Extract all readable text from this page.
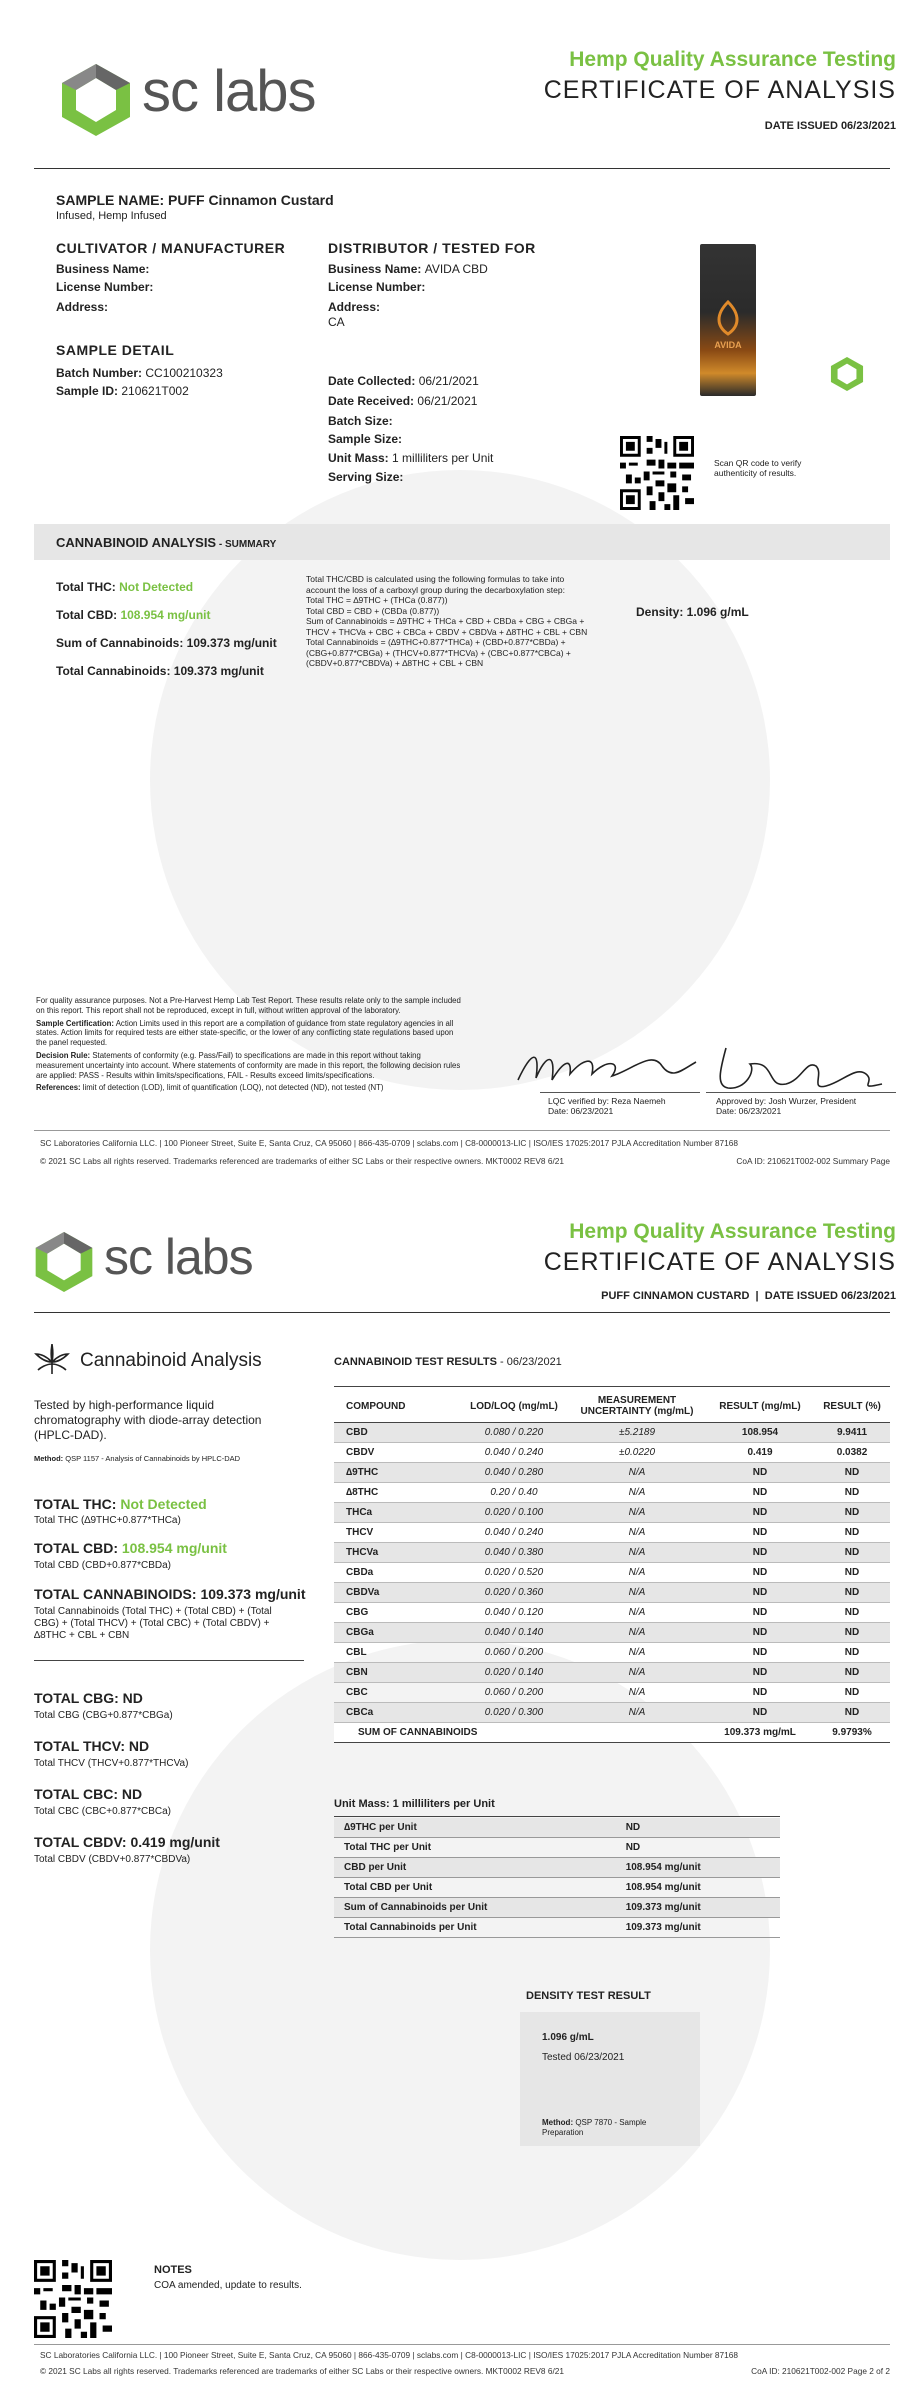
sc labs	Hemp Quality Assurance Testing
CERTIFICATE OF ANALYSIS
DATE ISSUED 06/23/2021
SAMPLE NAME: PUFF Cinnamon Custard
Infused, Hemp Infused
CULTIVATOR / MANUFACTURER
Business Name:
License Number:
Address:
DISTRIBUTOR / TESTED FOR
Business Name: AVIDA CBD
License Number:
Address:
CA
SAMPLE DETAIL
Batch Number: CC100210323
Sample ID: 210621T002
Date Collected: 06/21/2021
Date Received: 06/21/2021
Batch Size:
Sample Size:
Unit Mass: 1 milliliters per Unit
Serving Size:
AVIDA
Scan QR code to verify authenticity of results.
CANNABINOID ANALYSIS - SUMMARY
Total THC: Not Detected
Total CBD: 108.954 mg/unit
Sum of Cannabinoids: 109.373 mg/unit
Total Cannabinoids: 109.373 mg/unit
Total THC/CBD is calculated using the following formulas to take into
account the loss of a carboxyl group during the decarboxylation step:
Total THC = ∆9THC + (THCa (0.877))
Total CBD = CBD + (CBDa (0.877))
Sum of Cannabinoids = ∆9THC + THCa + CBD + CBDa + CBG + CBGa +
THCV + THCVa + CBC + CBCa + CBDV + CBDVa + ∆8THC + CBL + CBN
Total Cannabinoids = (∆9THC+0.877*THCa) + (CBD+0.877*CBDa) +
(CBG+0.877*CBGa) + (THCV+0.877*THCVa) + (CBC+0.877*CBCa) +
(CBDV+0.877*CBDVa) + ∆8THC + CBL + CBN
Density: 1.096 g/mL
For quality assurance purposes. Not a Pre-Harvest Hemp Lab Test Report. These results relate only to the sample included on this report. This report shall not be reproduced, except in full, without written approval of the laboratory.
Sample Certification: Action Limits used in this report are a compilation of guidance from state regulatory agencies in all states. Action limits for required tests are either state-specific, or the lower of any conflicting state regulations based upon the panel requested.
Decision Rule: Statements of conformity (e.g. Pass/Fail) to specifications are made in this report without taking measurement uncertainty into account. Where statements of conformity are made in this report, the following decision rules are applied: PASS - Results within limits/specifications, FAIL - Results exceed limits/specifications.
References: limit of detection (LOD), limit of quantification (LOQ), not detected (ND), not tested (NT)
LQC verified by: Reza Naemeh
Date: 06/23/2021
Approved by: Josh Wurzer, President
Date: 06/23/2021
SC Laboratories California LLC. | 100 Pioneer Street, Suite E, Santa Cruz, CA 95060 | 866-435-0709 | sclabs.com | C8-0000013-LIC | ISO/IES 17025:2017 PJLA Accreditation Number 87168
© 2021 SC Labs all rights reserved. Trademarks referenced are trademarks of either SC Labs or their respective owners. MKT0002 REV8 6/21	CoA ID: 210621T002-002 Summary Page
sc labs	Hemp Quality Assurance Testing
CERTIFICATE OF ANALYSIS
PUFF CINNAMON CUSTARD  |  DATE ISSUED 06/23/2021
Cannabinoid Analysis
Tested by high-performance liquid chromatography with diode-array detection (HPLC-DAD).
Method: QSP 1157 - Analysis of Cannabinoids by HPLC-DAD
TOTAL THC: Not Detected
Total THC (∆9THC+0.877*THCa)
TOTAL CBD: 108.954 mg/unit
Total CBD (CBD+0.877*CBDa)
TOTAL CANNABINOIDS: 109.373 mg/unit
Total Cannabinoids (Total THC) + (Total CBD) + (Total CBG) + (Total THCV) + (Total CBC) + (Total CBDV) + ∆8THC + CBL + CBN
TOTAL CBG: ND
Total CBG (CBG+0.877*CBGa)
TOTAL THCV: ND
Total THCV (THCV+0.877*THCVa)
TOTAL CBC: ND
Total CBC (CBC+0.877*CBCa)
TOTAL CBDV: 0.419 mg/unit
Total CBDV (CBDV+0.877*CBDVa)
CANNABINOID TEST RESULTS - 06/23/2021
COMPOUND	LOD/LOQ (mg/mL)	MEASUREMENT UNCERTAINTY (mg/mL)	RESULT (mg/mL)	RESULT (%)
CBD	0.080 / 0.220	±5.2189	108.954	9.9411
CBDV	0.040 / 0.240	±0.0220	0.419	0.0382
∆9THC	0.040 / 0.280	N/A	ND	ND
∆8THC	0.20 / 0.40	N/A	ND	ND
THCa	0.020 / 0.100	N/A	ND	ND
THCV	0.040 / 0.240	N/A	ND	ND
THCVa	0.040 / 0.380	N/A	ND	ND
CBDa	0.020 / 0.520	N/A	ND	ND
CBDVa	0.020 / 0.360	N/A	ND	ND
CBG	0.040 / 0.120	N/A	ND	ND
CBGa	0.040 / 0.140	N/A	ND	ND
CBL	0.060 / 0.200	N/A	ND	ND
CBN	0.020 / 0.140	N/A	ND	ND
CBC	0.060 / 0.200	N/A	ND	ND
CBCa	0.020 / 0.300	N/A	ND	ND
SUM OF CANNABINOIDS			109.373 mg/mL	9.9793%
Unit Mass: 1 milliliters per Unit
∆9THC per Unit	ND
Total THC per Unit	ND
CBD per Unit	108.954 mg/unit
Total CBD per Unit	108.954 mg/unit
Sum of Cannabinoids per Unit	109.373 mg/unit
Total Cannabinoids per Unit	109.373 mg/unit
DENSITY TEST RESULT
1.096 g/mL
Tested 06/23/2021
Method: QSP 7870 - Sample Preparation
NOTES
COA amended, update to results.
SC Laboratories California LLC. | 100 Pioneer Street, Suite E, Santa Cruz, CA 95060 | 866-435-0709 | sclabs.com | C8-0000013-LIC | ISO/IES 17025:2017 PJLA Accreditation Number 87168
© 2021 SC Labs all rights reserved. Trademarks referenced are trademarks of either SC Labs or their respective owners. MKT0002 REV8 6/21	CoA ID: 210621T002-002 Page 2 of 2
